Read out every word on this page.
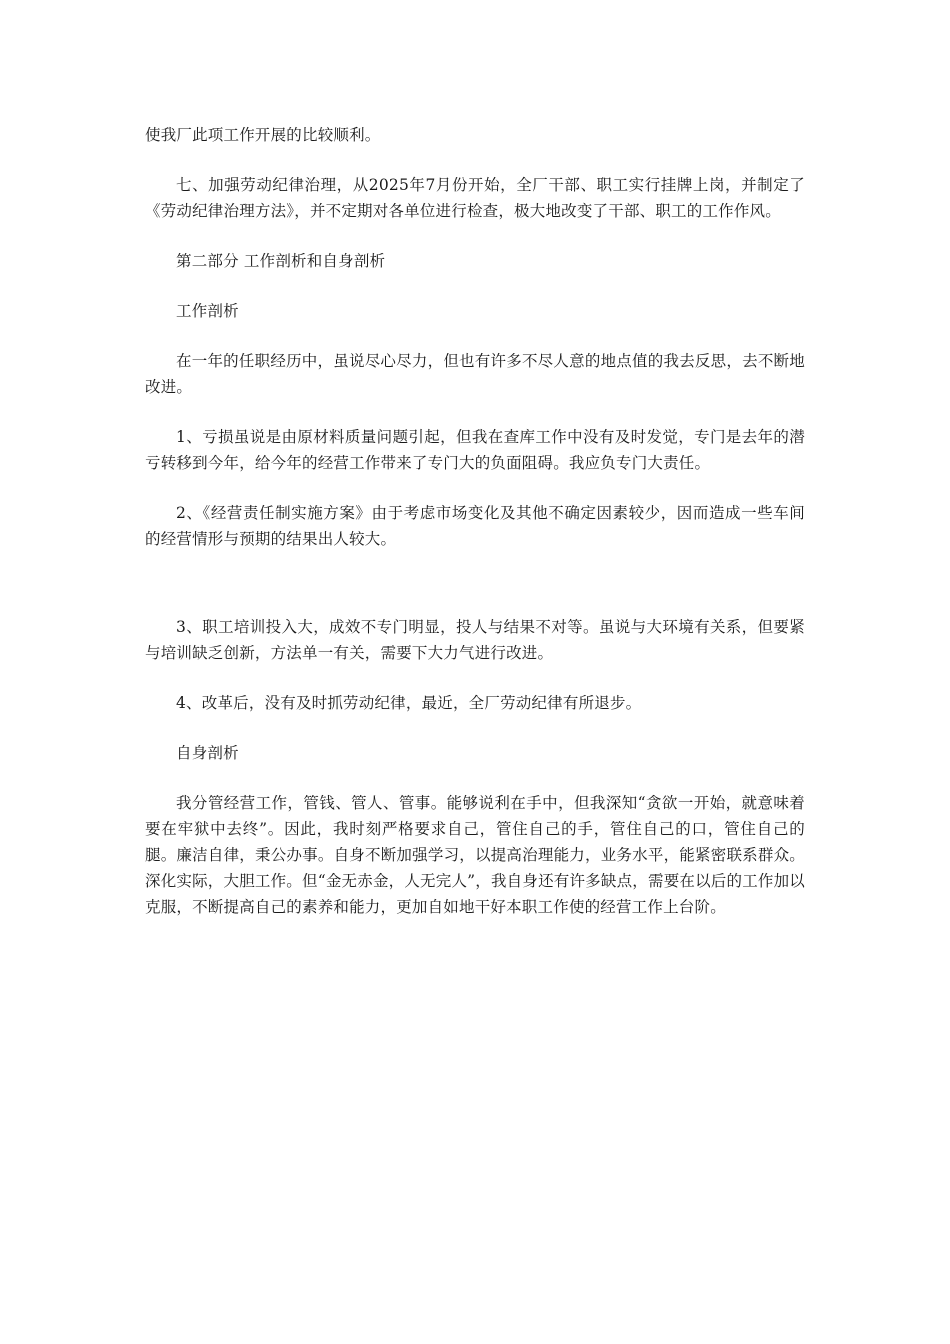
使我厂此项工作开展的比较顺利。

七、加强劳动纪律治理，从2025年7月份开始，全厂干部、职工实行挂牌上岗，并制定了《劳动纪律治理方法》，并不定期对各单位进行检查，极大地改变了干部、职工的工作作风。

第二部分 工作剖析和自身剖析

工作剖析

在一年的任职经历中，虽说尽心尽力，但也有许多不尽人意的地点值的我去反思，去不断地改进。

1、亏损虽说是由原材料质量问题引起，但我在查库工作中没有及时发觉，专门是去年的潜亏转移到今年，给今年的经营工作带来了专门大的负面阻碍。我应负专门大责任。

2、《经营责任制实施方案》由于考虑市场变化及其他不确定因素较少，因而造成一些车间的经营情形与预期的结果出人较大。

3、职工培训投入大，成效不专门明显，投人与结果不对等。虽说与大环境有关系，但要紧与培训缺乏创新，方法单一有关，需要下大力气进行改进。

4、改革后，没有及时抓劳动纪律，最近，全厂劳动纪律有所退步。

自身剖析

我分管经营工作，管钱、管人、管事。能够说利在手中，但我深知“贪欲一开始，就意味着要在牢狱中去终”。因此，我时刻严格要求自己，管住自己的手，管住自己的口，管住自己的腿。廉洁自律，秉公办事。自身不断加强学习，以提高治理能力，业务水平，能紧密联系群众。深化实际，大胆工作。但“金无赤金，人无完人”，我自身还有许多缺点，需要在以后的工作加以克服，不断提高自己的素养和能力，更加自如地干好本职工作使的经营工作上台阶。
